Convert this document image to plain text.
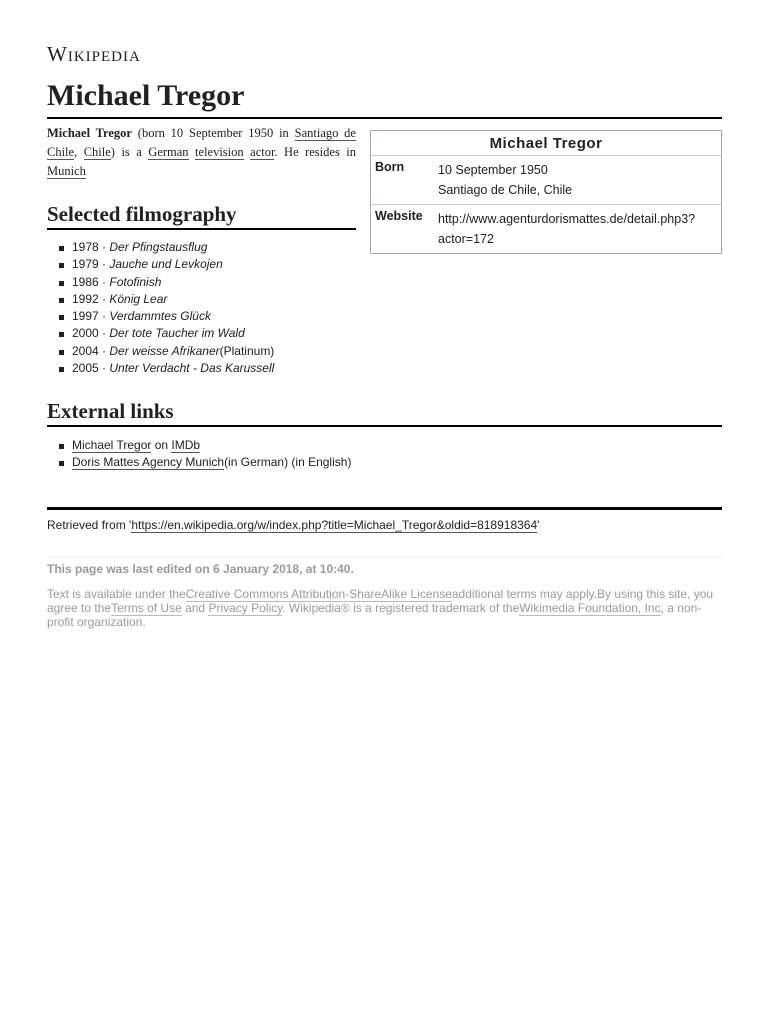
Wikipedia
Michael Tregor

Michael Tregor (born 10 September 1950 in Santiago de Chile, Chile) is a German television actor. He resides in Munich

Michael Tregor	
Born	10 September 1950
Santiago de Chile, Chile

Website	http://www.agenturdorismattes.de/detail.php3?
actor=172
Selected filmography
1978 · Der Pfingstausflug
1979 · Jauche und Levkojen
1986 · Fotofinish
1992 · König Lear
1997 · Verdammtes Glück
2000 · Der tote Taucher im Wald
2004 · Der weisse Afrikaner(Platinum)
2005 · Unter Verdacht - Das Karussell
External links
Michael Tregor on IMDb
Doris Mattes Agency Munich(in German) (in English)
Retrieved from 'https://en.wikipedia.org/w/index.php?title=Michael_Tregor&oldid=818918364'
This page was last edited on 6 January 2018, at 10:40.

Text is available under theCreative Commons Attribution-ShareAlike Licenseadditional terms may apply.By using this site, you agree to theTerms of Use and Privacy Policy. Wikipedia® is a registered trademark of theWikimedia Foundation, Inc, a non-profit organization.
